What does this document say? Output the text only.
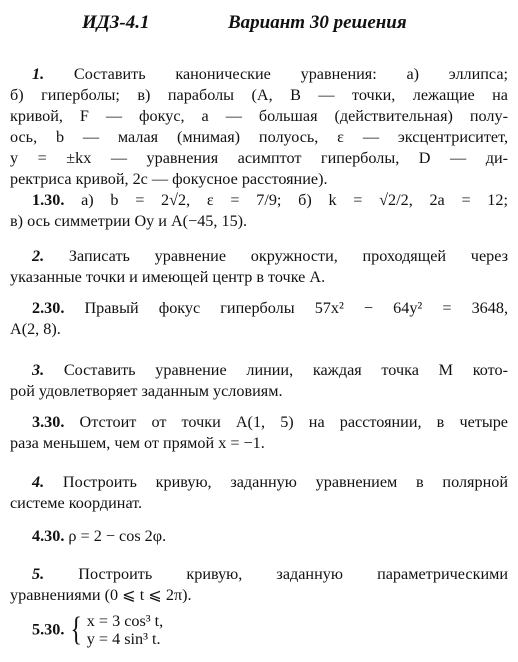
ИДЗ-4.1	Вариант 30 решения
1. Составить канонические уравнения: а) эллипса;
б) гиперболы; в) параболы (A, B — точки, лежащие на
кривой, F — фокус, a — большая (действительная) полу-
ось, b — малая (мнимая) полуось, ε — эксцентриситет,
y = ±kx — уравнения асимптот гиперболы, D — ди-
ректриса кривой, 2c — фокусное расстояние).
1.30. а) b = 2√2, ε = 7/9; б) k = √2/2, 2a = 12;
в) ось симметрии Oy и A(−45, 15).
2. Записать уравнение окружности, проходящей через
указанные точки и имеющей центр в точке A.
2.30. Правый фокус гиперболы 57x² − 64y² = 3648,
A(2, 8).
3. Составить уравнение линии, каждая точка M кото-
рой удовлетворяет заданным условиям.
3.30. Отстоит от точки A(1, 5) на расстоянии, в четыре
раза меньшем, чем от прямой x = −1.
4. Построить кривую, заданную уравнением в полярной
системе координат.
4.30. ρ = 2 − cos 2φ.
5. Построить кривую, заданную параметрическими
уравнениями (0 ⩽ t ⩽ 2π).
5.30. { x = 3 cos³ t,
y = 4 sin³ t.
